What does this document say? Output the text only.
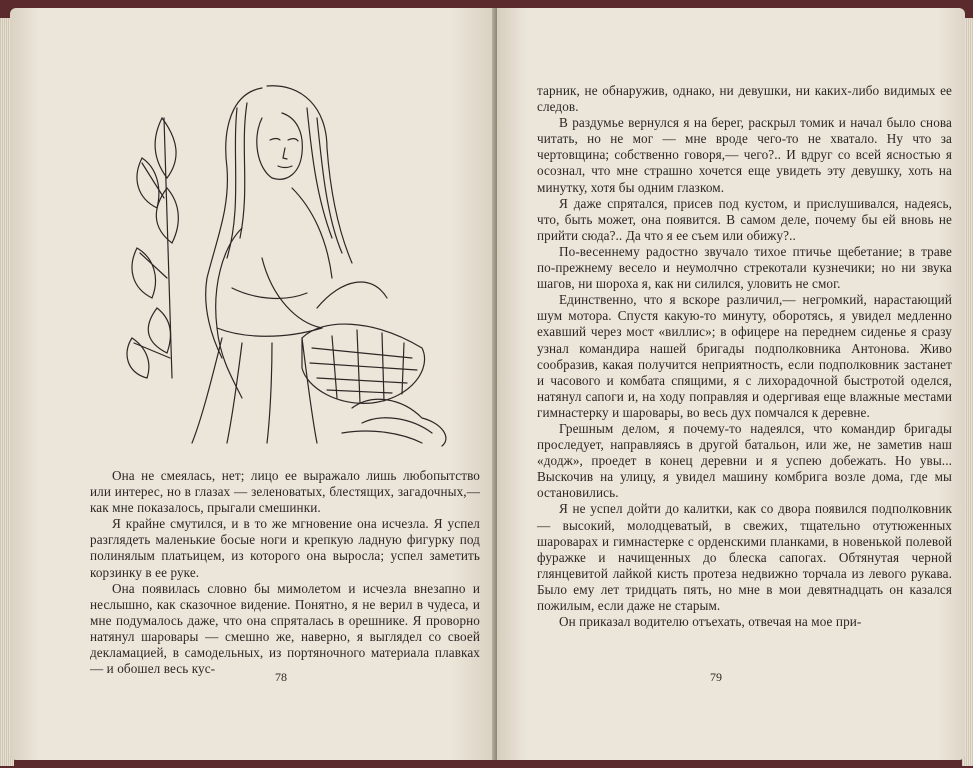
Она не смеялась, нет; лицо ее выражало лишь любопытство или интерес, но в глазах — зеленоватых, блестящих, загадочных,— как мне показалось, прыгали смешинки.

Я крайне смутился, и в то же мгновение она исчезла. Я успел разглядеть маленькие босые ноги и крепкую ладную фигурку под полинялым платьицем, из которого она выросла; успел заметить корзинку в ее руке.

Она появилась словно бы мимолетом и исчезла внезапно и неслышно, как сказочное видение. Понятно, я не верил в чудеса, и мне подумалось даже, что она спряталась в орешнике. Я проворно натянул шаровары — смешно же, наверно, я выглядел со своей декламацией, в самодельных, из портяночного материала плавках — и обошел весь кус-

78

тарник, не обнаружив, однако, ни девушки, ни каких-либо видимых ее следов.

В раздумье вернулся я на берег, раскрыл томик и начал было снова читать, но не мог — мне вроде чего-то не хватало. Ну что за чертовщина; собственно говоря,— чего?.. И вдруг со всей ясностью я осознал, что мне страшно хочется еще увидеть эту девушку, хоть на минутку, хотя бы одним глазком.

Я даже спрятался, присев под кустом, и прислушивался, надеясь, что, быть может, она появится. В самом деле, почему бы ей вновь не прийти сюда?.. Да что я ее съем или обижу?..

По-весеннему радостно звучало тихое птичье щебетание; в траве по-прежнему весело и неумолчно стрекотали кузнечики; но ни звука шагов, ни шороха я, как ни силился, уловить не смог.

Единственно, что я вскоре различил,— негромкий, нарастающий шум мотора. Спустя какую-то минуту, оборотясь, я увидел медленно ехавший через мост «виллис»; в офицере на переднем сиденье я сразу узнал командира нашей бригады подполковника Антонова. Живо сообразив, какая получится неприятность, если подполковник застанет и часового и комбата спящими, я с лихорадочной быстротой оделся, натянул сапоги и, на ходу поправляя и одергивая еще влажные местами гимнастерку и шаровары, во весь дух помчался к деревне.

Грешным делом, я почему-то надеялся, что командир бригады проследует, направляясь в другой батальон, или же, не заметив наш «додж», проедет в конец деревни и я успею добежать. Но увы... Выскочив на улицу, я увидел машину комбрига возле дома, где мы остановились.

Я не успел дойти до калитки, как со двора появился подполковник — высокий, молодцеватый, в свежих, тщательно отутюженных шароварах и гимнастерке с орденскими планками, в новенькой полевой фуражке и начищенных до блеска сапогах. Обтянутая черной глянцевитой лайкой кисть протеза недвижно торчала из левого рукава. Было ему лет тридцать пять, но мне в мои девятнадцать он казался пожилым, если даже не старым.

Он приказал водителю отъехать, отвечая на мое при-

79
